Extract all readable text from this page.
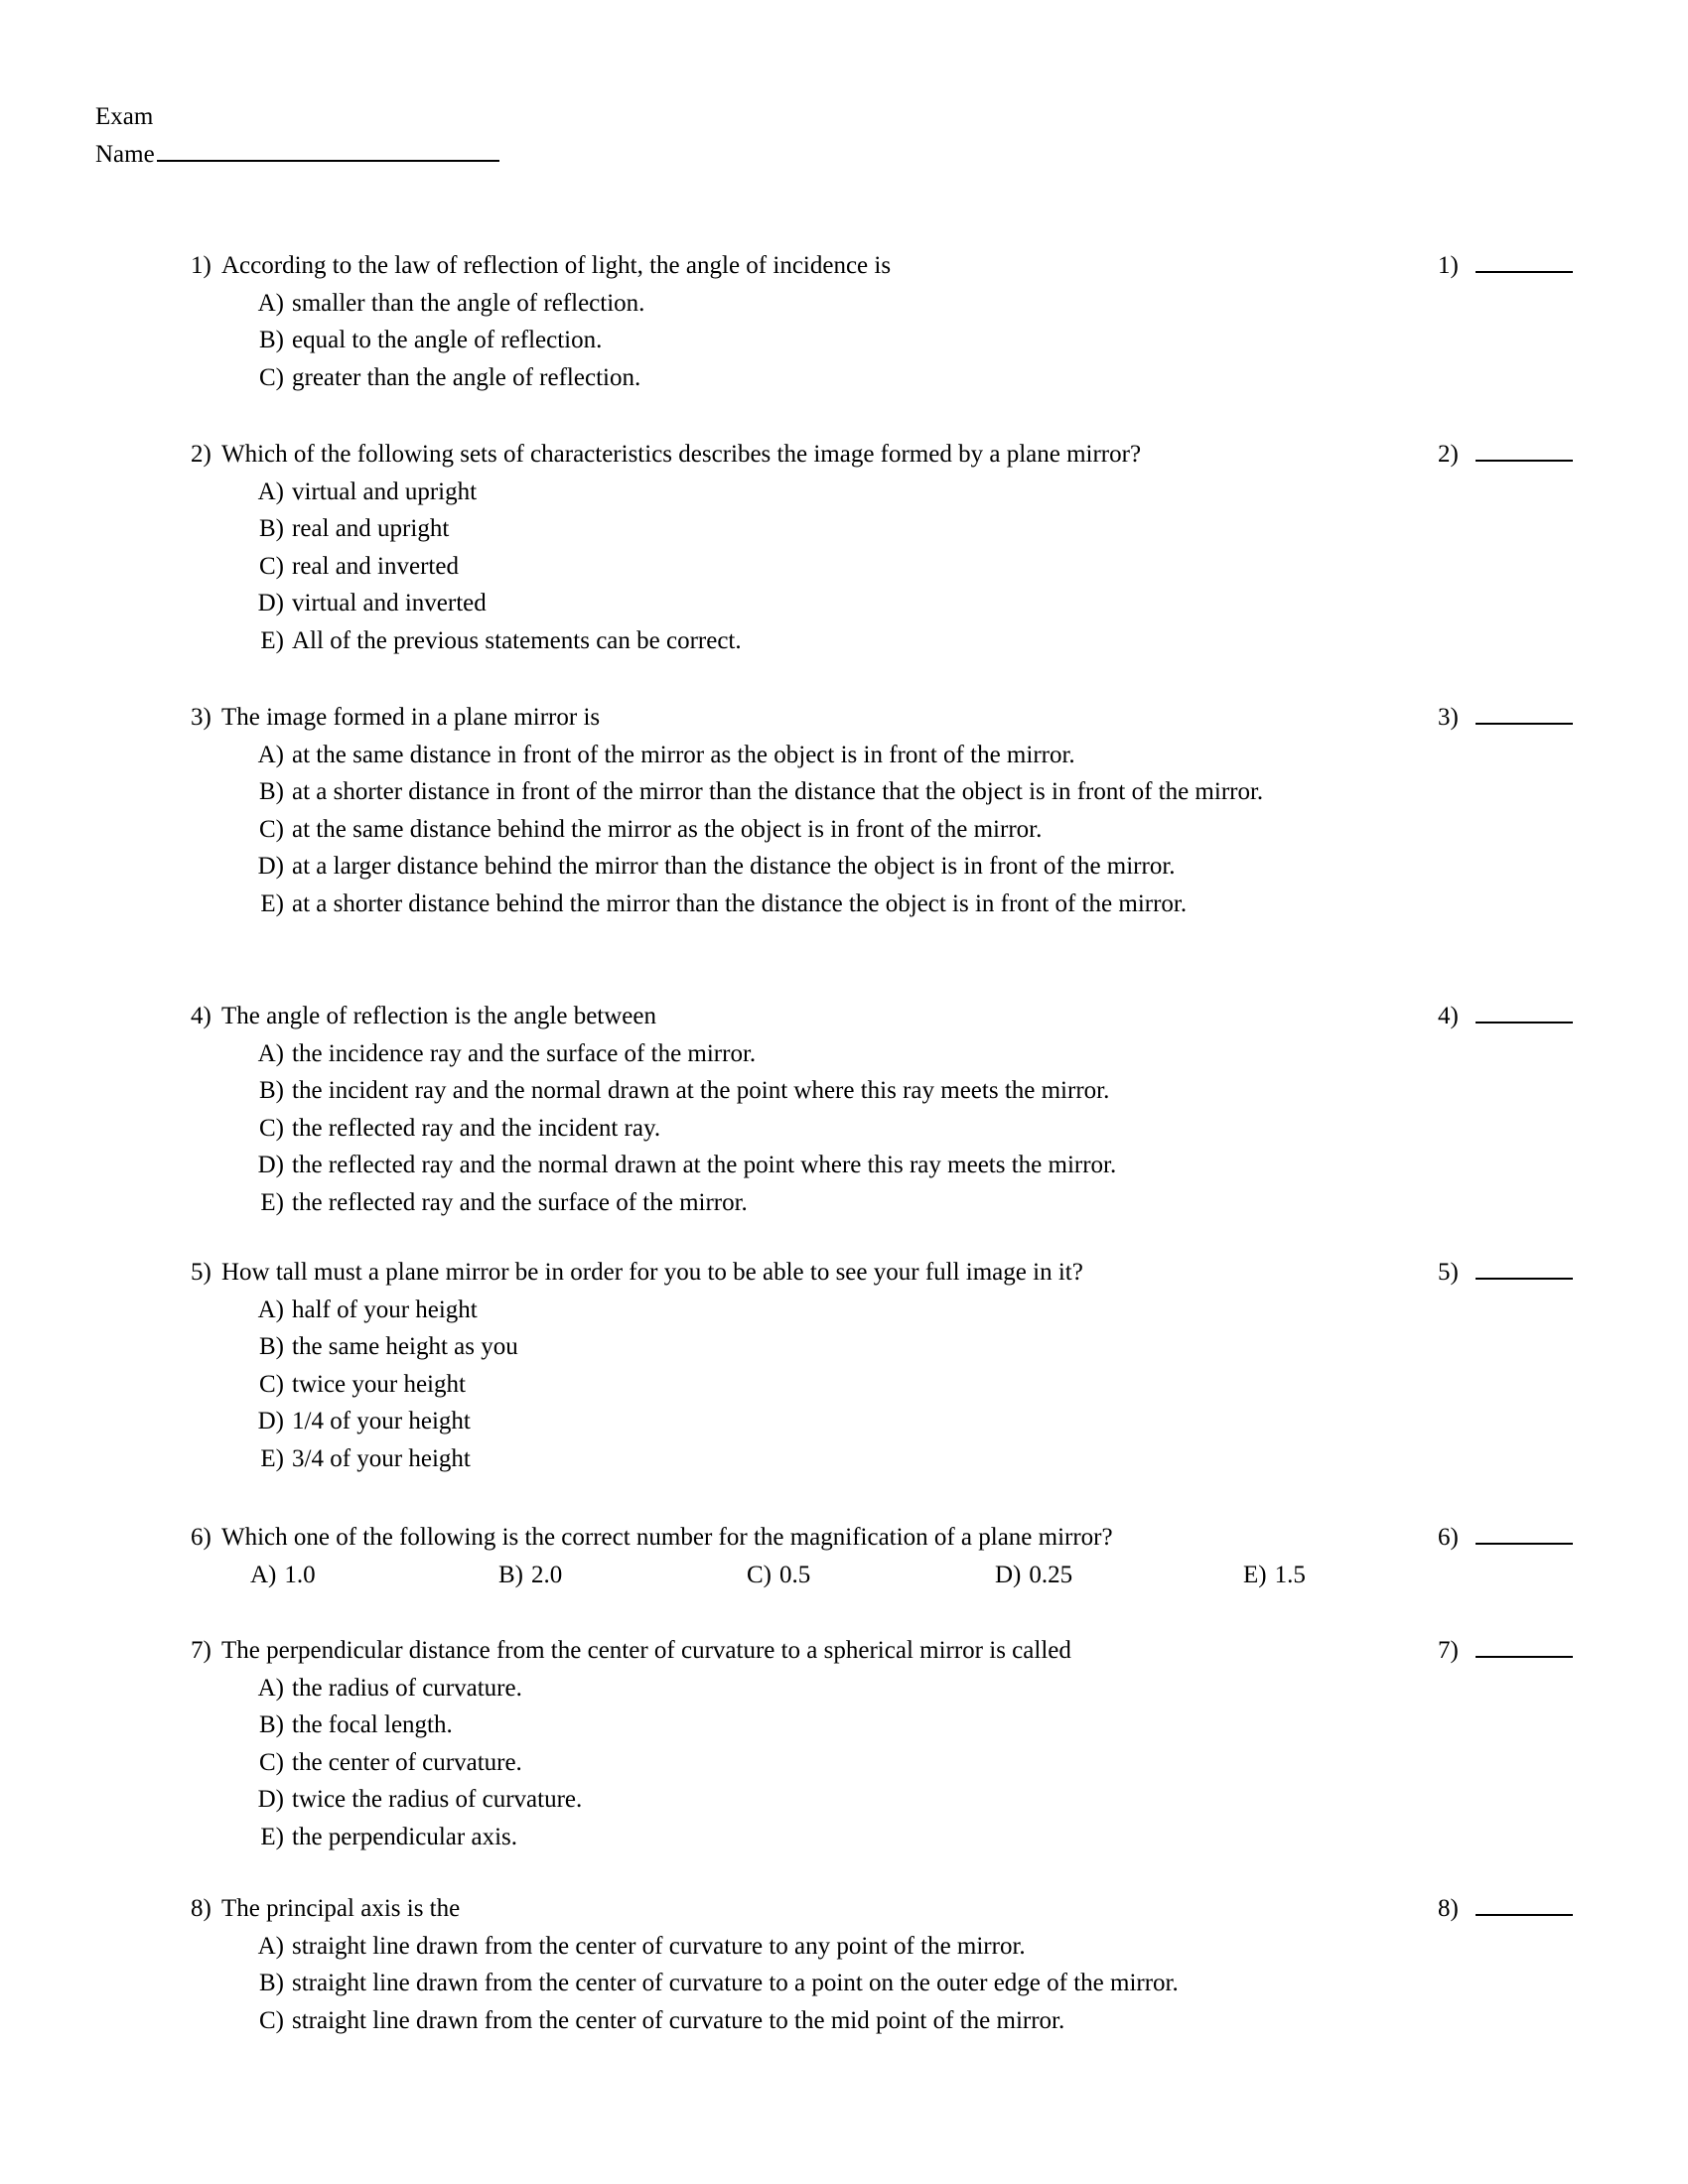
Exam
Name
1) According to the law of reflection of light, the angle of incidence is
A) smaller than the angle of reflection.
B) equal to the angle of reflection.
C) greater than the angle of reflection.
1)
2) Which of the following sets of characteristics describes the image formed by a plane mirror?
A) virtual and upright
B) real and upright
C) real and inverted
D) virtual and inverted
E) All of the previous statements can be correct.
2)
3) The image formed in a plane mirror is
A) at the same distance in front of the mirror as the object is in front of the mirror.
B) at a shorter distance in front of the mirror than the distance that the object is in front of the mirror.
C) at the same distance behind the mirror as the object is in front of the mirror.
D) at a larger distance behind the mirror than the distance the object is in front of the mirror.
E) at a shorter distance behind the mirror than the distance the object is in front of the mirror.
3)
4) The angle of reflection is the angle between
A) the incidence ray and the surface of the mirror.
B) the incident ray and the normal drawn at the point where this ray meets the mirror.
C) the reflected ray and the incident ray.
D) the reflected ray and the normal drawn at the point where this ray meets the mirror.
E) the reflected ray and the surface of the mirror.
4)
5) How tall must a plane mirror be in order for you to be able to see your full image in it?
A) half of your height
B) the same height as you
C) twice your height
D) 1/4 of your height
E) 3/4 of your height
5)
6) Which one of the following is the correct number for the magnification of a plane mirror?
A) 1.0	B) 2.0	C) 0.5	D) 0.25	E) 1.5
6)
7) The perpendicular distance from the center of curvature to a spherical mirror is called
A) the radius of curvature.
B) the focal length.
C) the center of curvature.
D) twice the radius of curvature.
E) the perpendicular axis.
7)
8) The principal axis is the
A) straight line drawn from the center of curvature to any point of the mirror.
B) straight line drawn from the center of curvature to a point on the outer edge of the mirror.
C) straight line drawn from the center of curvature to the mid point of the mirror.
8)
